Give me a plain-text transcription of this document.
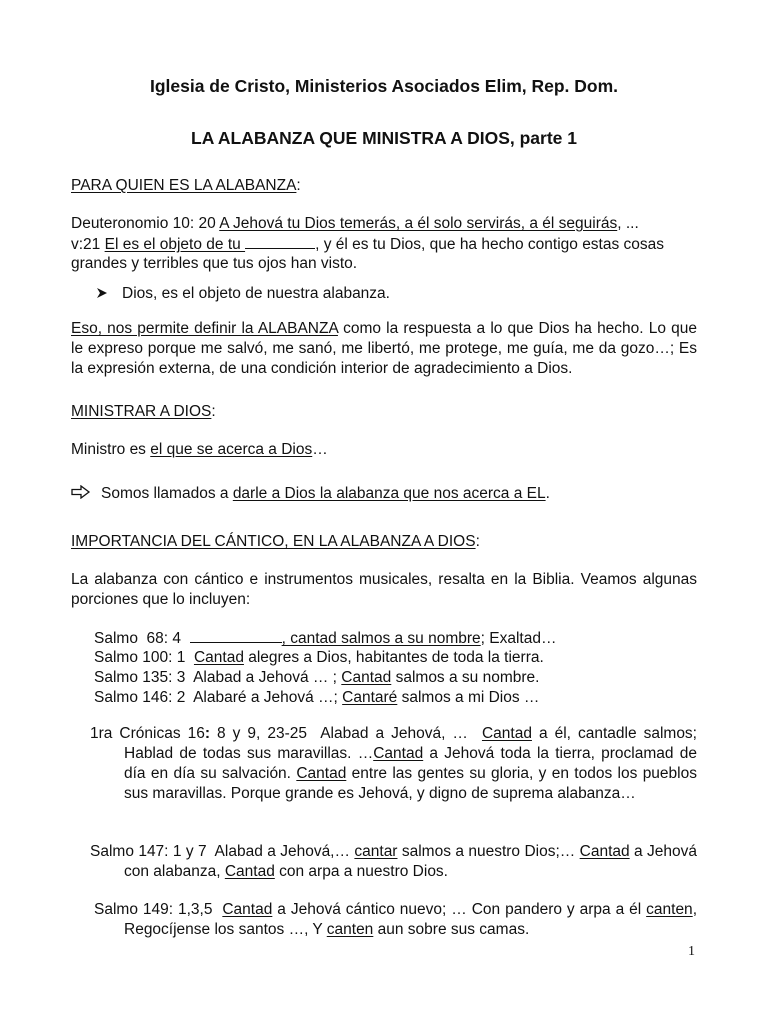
Iglesia de Cristo, Ministerios Asociados Elim, Rep. Dom.

LA ALABANZA QUE MINISTRA A DIOS, parte 1

PARA QUIEN ES LA ALABANZA:

Deuteronomio 10: 20 A Jehová tu Dios temerás, a él solo servirás, a él seguirás, ...

v:21 El es el objeto de tu	, y él es tu Dios, que ha hecho contigo estas cosas

grandes y terribles que tus ojos han visto.

Dios, es el objeto de nuestra alabanza.

Eso, nos permite definir la ALABANZA como la respuesta a lo que Dios ha hecho. Lo que le expreso porque me salvó, me sanó, me libertó, me protege, me guía, me da gozo…; Es la expresión externa, de una condición interior de agradecimiento a Dios.

MINISTRAR A DIOS:

Ministro es el que se acerca a Dios…

Somos llamados a darle a Dios la alabanza que nos acerca a EL.

IMPORTANCIA DEL CÁNTICO, EN LA ALABANZA A DIOS:

La alabanza con cántico e instrumentos musicales, resalta en la Biblia. Veamos algunas porciones que lo incluyen:

Salmo  68: 4	, cantad salmos a su nombre; Exaltad…

Salmo 100: 1  Cantad alegres a Dios, habitantes de toda la tierra.

Salmo 135: 3  Alabad a Jehová … ; Cantad salmos a su nombre.

Salmo 146: 2  Alabaré a Jehová …; Cantaré salmos a mi Dios …

1ra Crónicas 16: 8 y 9, 23-25  Alabad a Jehová, …  Cantad a él, cantadle salmos; Hablad de todas sus maravillas. …Cantad a Jehová toda la tierra, proclamad de día en día su salvación. Cantad entre las gentes su gloria, y en todos los pueblos sus maravillas. Porque grande es Jehová, y digno de suprema alabanza…

Salmo 147: 1 y 7  Alabad a Jehová,… cantar salmos a nuestro Dios;… Cantad a Jehová con alabanza, Cantad con arpa a nuestro Dios.

Salmo 149: 1,3,5  Cantad a Jehová cántico nuevo; … Con pandero y arpa a él canten, Regocíjense los santos …, Y canten aun sobre sus camas.

1
